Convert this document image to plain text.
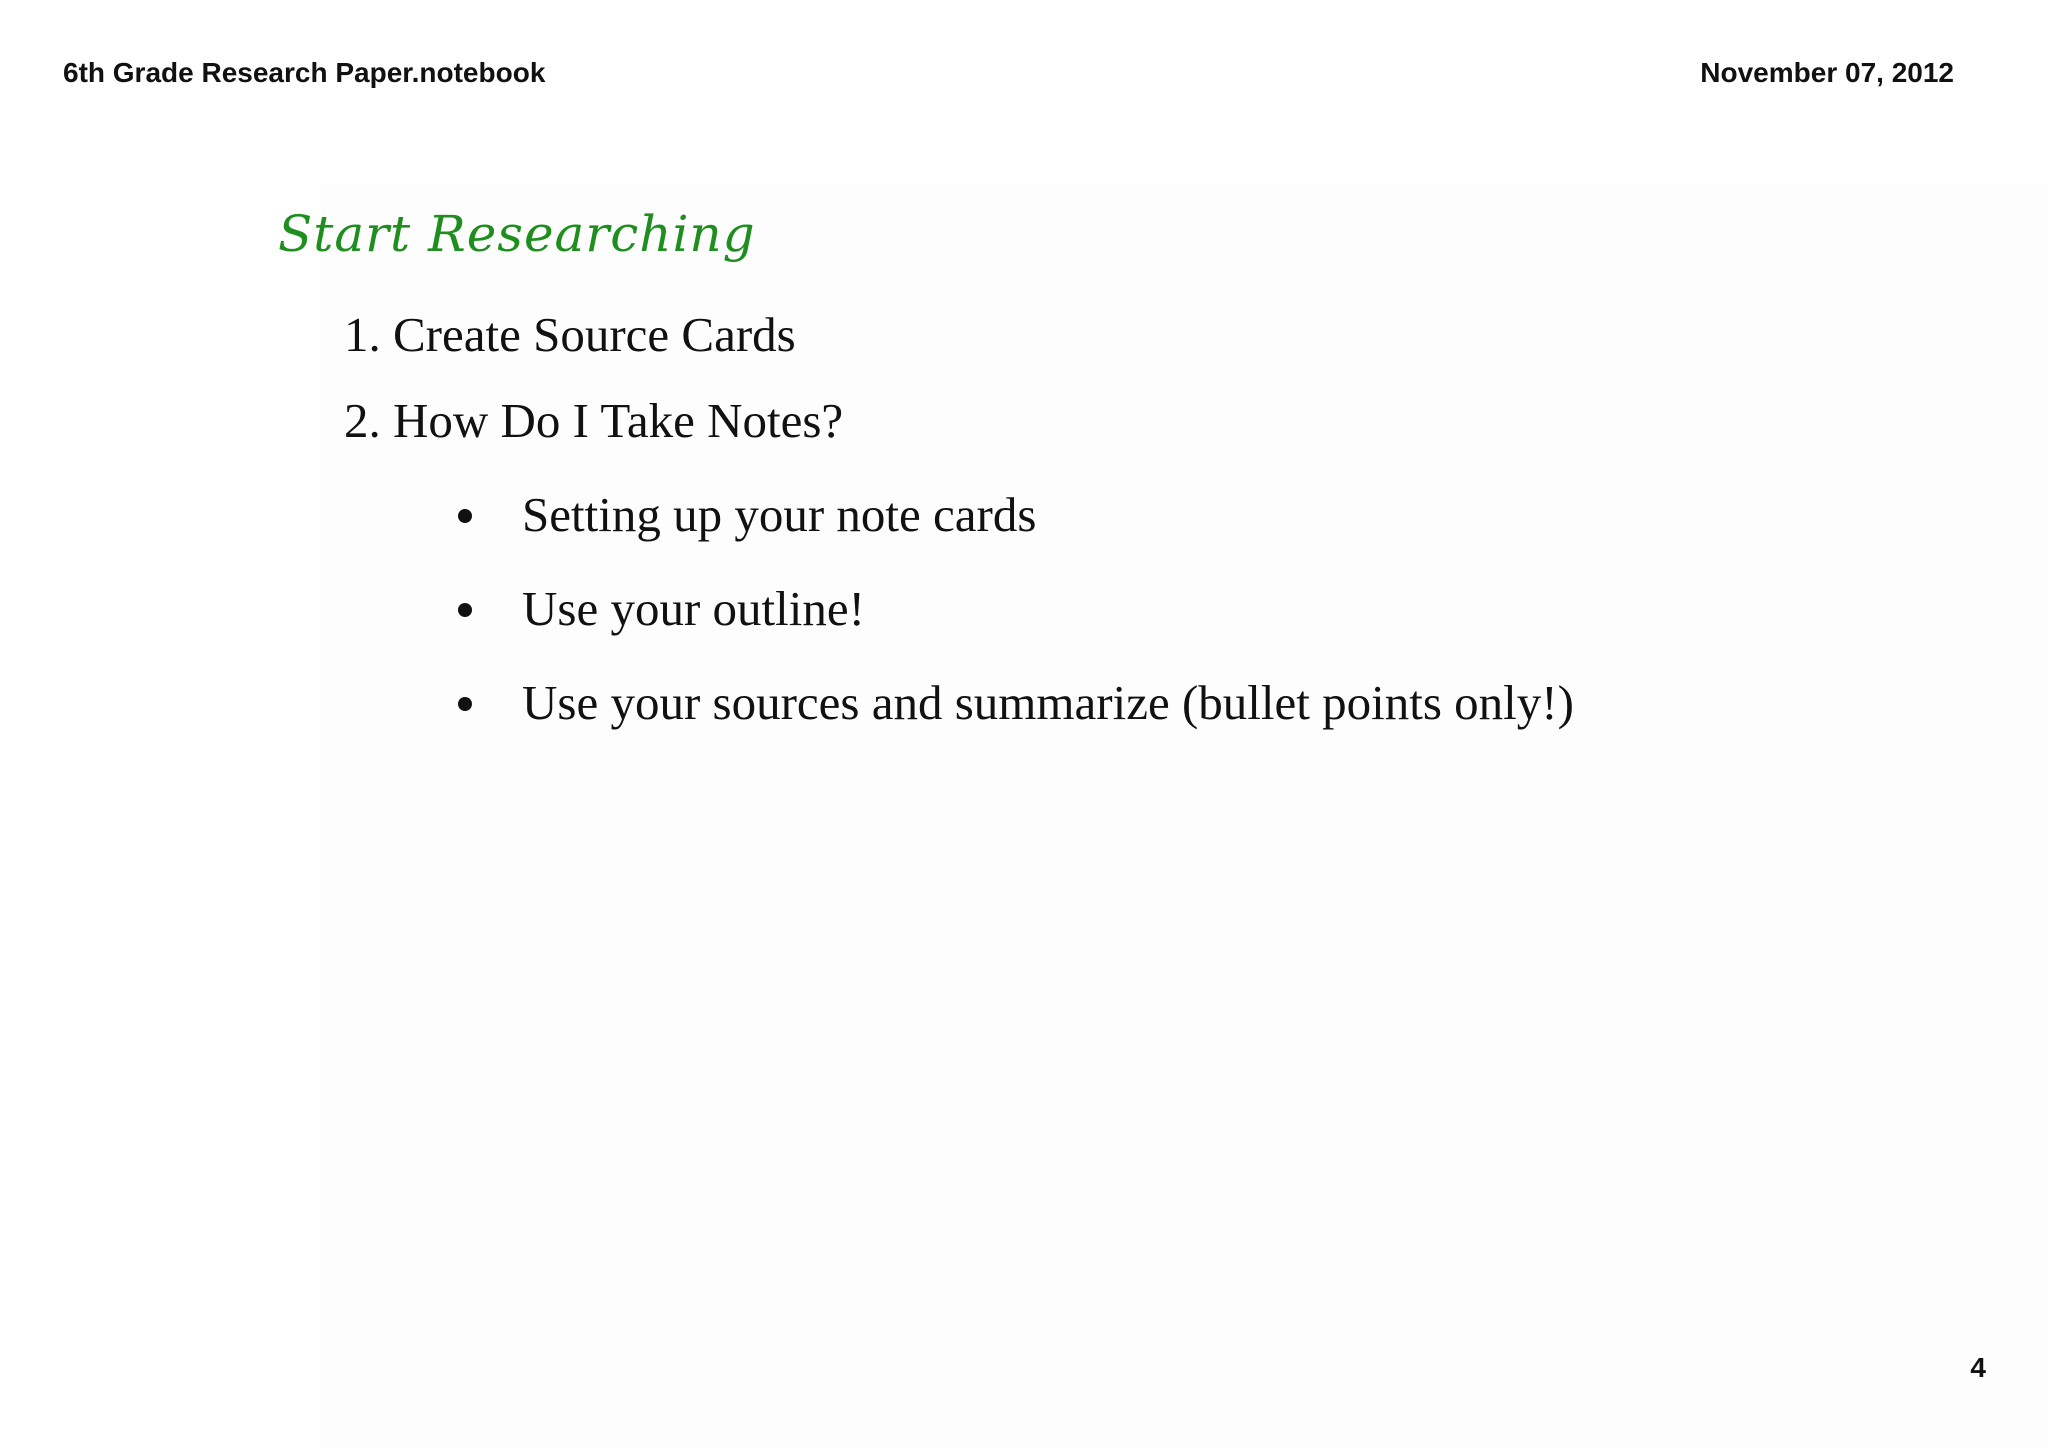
6th Grade Research Paper.notebook	November 07, 2012
Start Researching
1. Create Source Cards
2. How Do I Take Notes?
Setting up your note cards
Use your outline!
Use your sources and summarize (bullet points only!)
4
